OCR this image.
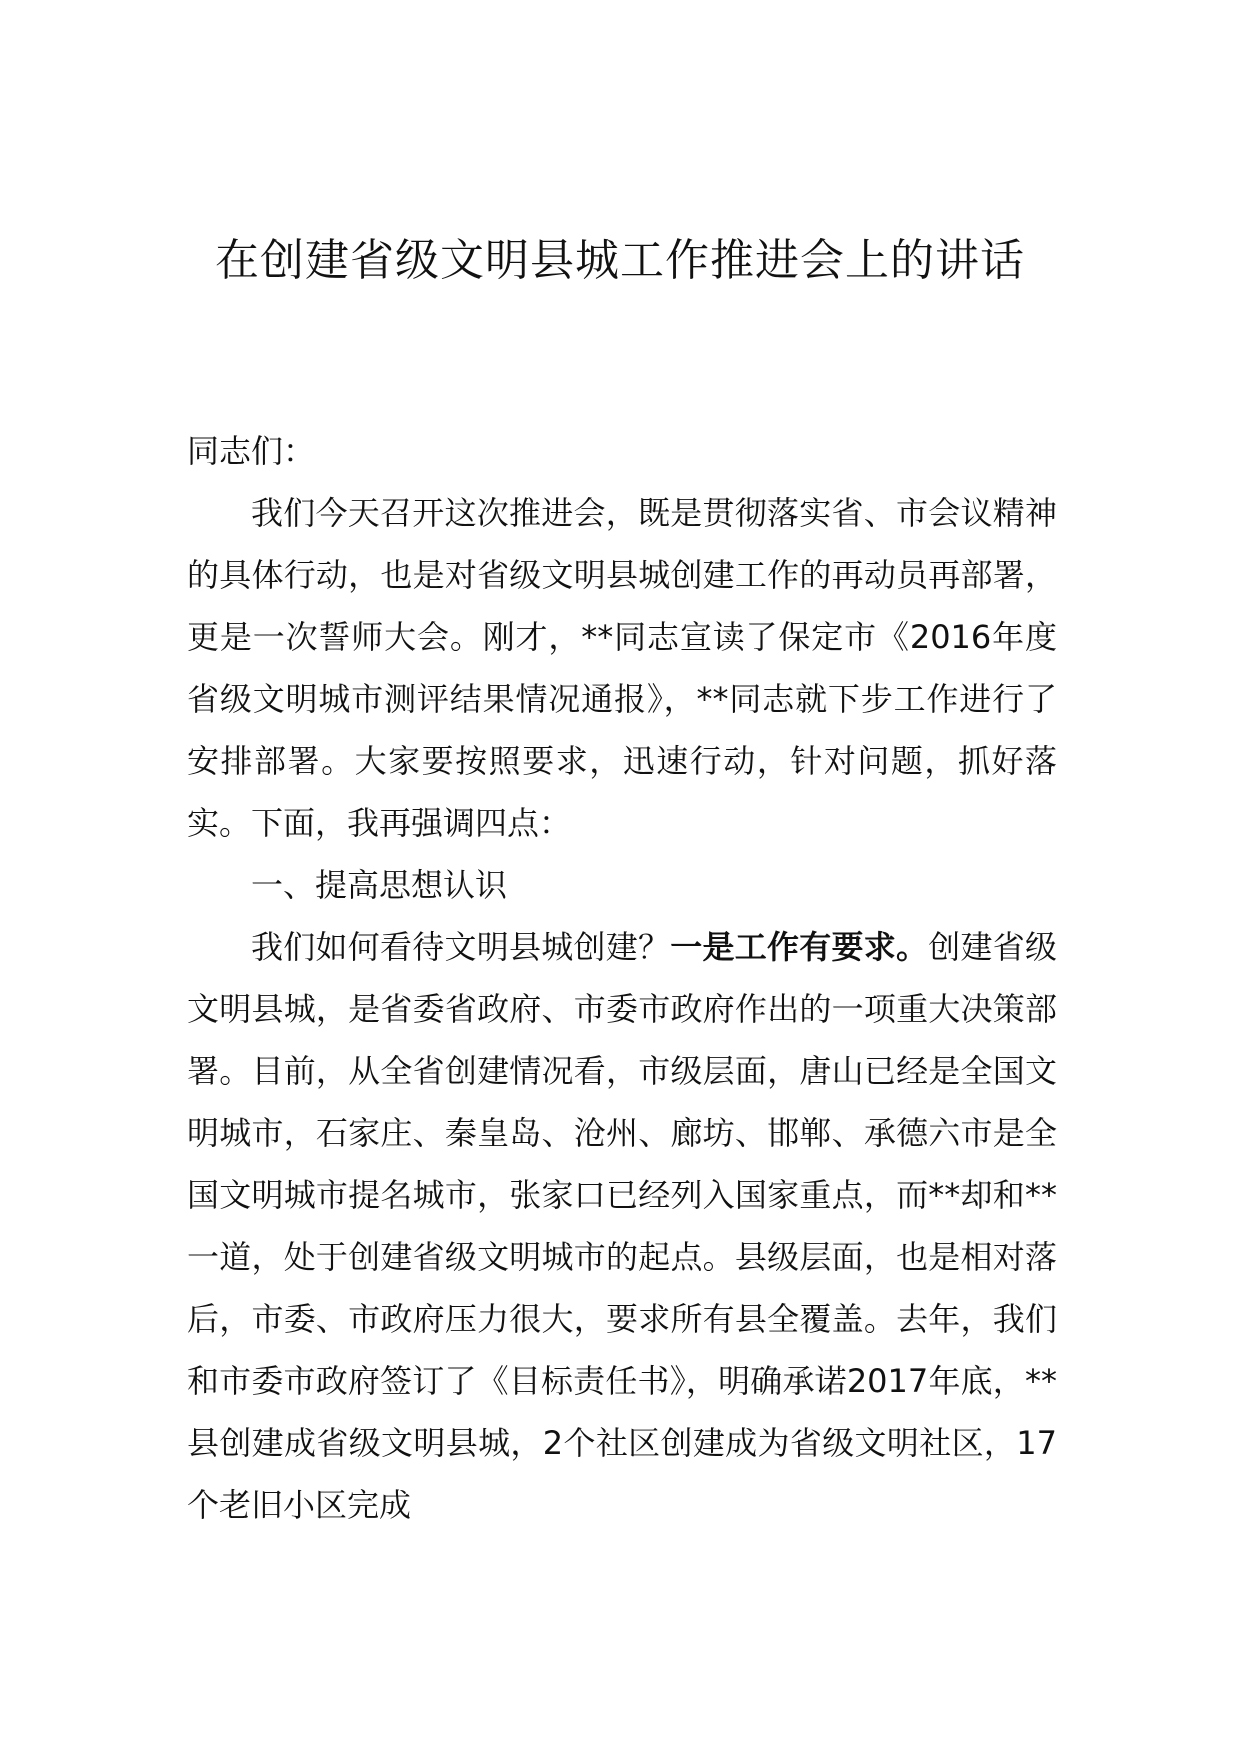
在创建省级文明县城工作推进会上的讲话

同志们：

我们今天召开这次推进会，既是贯彻落实省、市会议精神的具体行动，也是对省级文明县城创建工作的再动员再部署，更是一次誓师大会。刚才，**同志宣读了保定市《2016年度省级文明城市测评结果情况通报》，**同志就下步工作进行了安排部署。大家要按照要求，迅速行动，针对问题，抓好落实。下面，我再强调四点：

一、提高思想认识

我们如何看待文明县城创建？一是工作有要求。创建省级文明县城，是省委省政府、市委市政府作出的一项重大决策部署。目前，从全省创建情况看，市级层面，唐山已经是全国文明城市，石家庄、秦皇岛、沧州、廊坊、邯郸、承德六市是全国文明城市提名城市，张家口已经列入国家重点，而**却和**一道，处于创建省级文明城市的起点。县级层面，也是相对落后，市委、市政府压力很大，要求所有县全覆盖。去年，我们和市委市政府签订了《目标责任书》，明确承诺2017年底，**县创建成省级文明县城，2个社区创建成为省级文明社区，17个老旧小区完成
